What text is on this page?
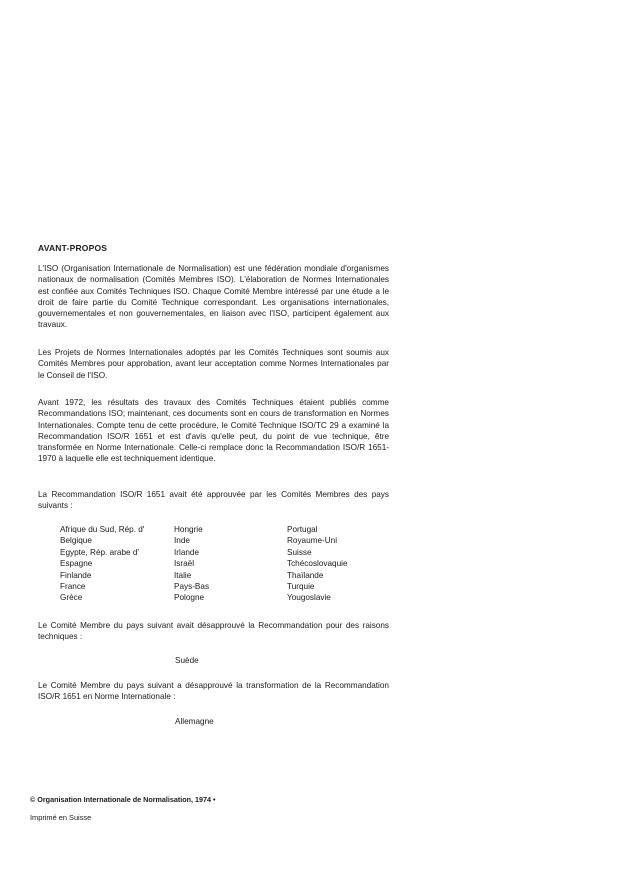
AVANT-PROPOS
L'ISO (Organisation Internationale de Normalisation) est une fédération mondiale d'organismes nationaux de normalisation (Comités Membres ISO). L'élaboration de Normes Internationales est confiée aux Comités Techniques ISO. Chaque Comité Membre intéressé par une étude a le droit de faire partie du Comité Technique correspondant. Les organisations internationales, gouvernementales et non gouvernementales, en liaison avec l'ISO, participent également aux travaux.
Les Projets de Normes Internationales adoptés par les Comités Techniques sont soumis aux Comités Membres pour approbation, avant leur acceptation comme Normes Internationales par le Conseil de l'ISO.
Avant 1972, les résultats des travaux des Comités Techniques étaient publiés comme Recommandations ISO; maintenant, ces documents sont en cours de transformation en Normes Internationales. Compte tenu de cette procédure, le Comité Technique ISO/TC 29 a examiné la Recommandation ISO/R 1651 et est d'avis qu'elle peut, du point de vue technique, être transformée en Norme Internationale. Celle-ci remplace donc la Recommandation ISO/R 1651-1970 à laquelle elle est techniquement identique.
La Recommandation ISO/R 1651 avait été approuvée par les Comités Membres des pays suivants :
Afrique du Sud, Rép. d'
Belgique
Egypte, Rép. arabe d'
Espagne
Finlande
France
Grèce
Hongrie
Inde
Irlande
Israël
Italie
Pays-Bas
Pologne
Portugal
Royaume-Uni
Suisse
Tchécoslovaquie
Thaïlande
Turquie
Yougoslavie
Le Comité Membre du pays suivant avait désapprouvé la Recommandation pour des raisons techniques :
Suède
Le Comité Membre du pays suivant a désapprouvé la transformation de la Recommandation ISO/R 1651 en Norme Internationale :
Allemagne
© Organisation Internationale de Normalisation, 1974 •
Imprimé en Suisse
